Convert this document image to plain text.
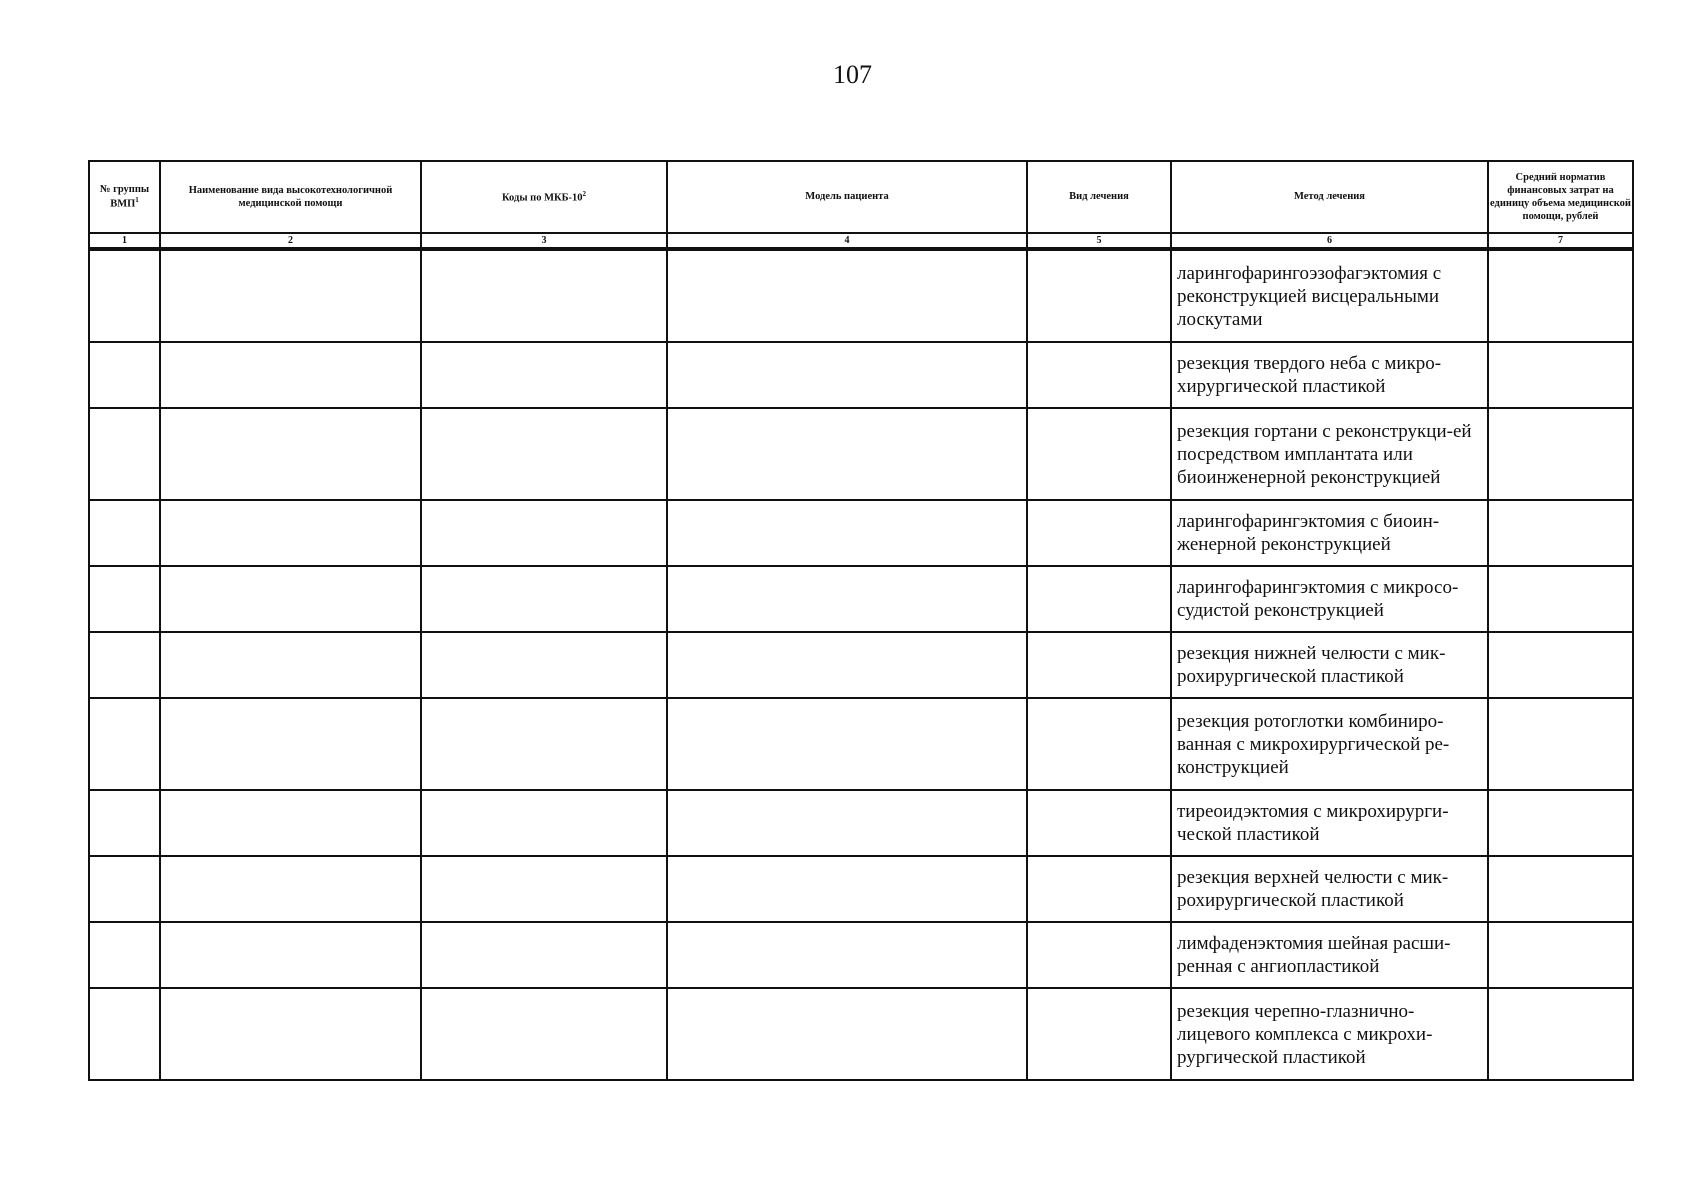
107
№ группы ВМП$^1$	Наименование вида высокотехнологичной медицинской помощи	Коды по МКБ-$10^2$	Модель пациента	Вид лечения	Метод лечения	Средний норматив финансовых затрат на единицу объема медицинской помощи, рублей
1	2	3	4	5	6	7

					ларингофарингоэзофагэктомия с реконструкцией висцеральными лоскутами	
					резекция твердого неба с микро-хирургической пластикой	
					резекция гортани с реконструкци-ей посредством имплантата или биоинженерной реконструкцией	
					ларингофарингэктомия с биоин-женерной реконструкцией	
					ларингофарингэктомия с микросо-судистой реконструкцией	
					резекция нижней челюсти с мик-рохирургической пластикой	
					резекция ротоглотки комбиниро-ванная с микрохирургической ре-конструкцией	
					тиреоидэктомия с микрохирурги-ческой пластикой	
					резекция верхней челюсти с мик-рохирургической пластикой	
					лимфаденэктомия шейная расши-ренная с ангиопластикой	
					резекция черепно-глазнично-лицевого комплекса с микрохи-рургической пластикой	
